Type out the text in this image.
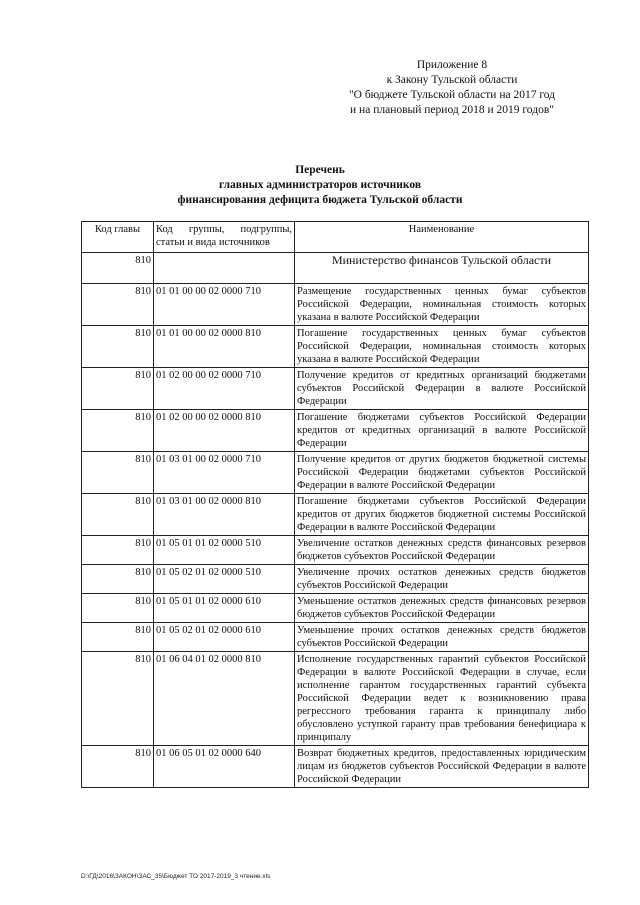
Приложение 8
к Закону Тульской области
"О бюджете Тульской области на 2017 год
и на плановый период 2018 и 2019 годов"
Перечень
главных администраторов источников
финансирования дефицита бюджета Тульской области
Код главы	Код группы, подгруппы, статьи и вида источников	Наименование
810		Министерство финансов Тульской области
810	01 01 00 00 02 0000 710	Размещение государственных ценных бумаг субъектов Российской Федерации, номинальная стоимость которых указана в валюте Российской Федерации
810	01 01 00 00 02 0000 810	Погашение государственных ценных бумаг субъектов Российской Федерации, номинальная стоимость которых указана в валюте Российской Федерации
810	01 02 00 00 02 0000 710	Получение кредитов от кредитных организаций бюджетами субъектов Российской Федерации в валюте Российской Федерации
810	01 02 00 00 02 0000 810	Погашение бюджетами субъектов Российской Федерации кредитов от кредитных организаций в валюте Российской Федерации
810	01 03 01 00 02 0000 710	Получение кредитов от других бюджетов бюджетной системы Российской Федерации бюджетами субъектов Российской Федерации в валюте Российской Федерации
810	01 03 01 00 02 0000 810	Погашение бюджетами субъектов Российской Федерации кредитов от других бюджетов бюджетной системы Российской Федерации в валюте Российской Федерации
810	01 05 01 01 02 0000 510	Увеличение остатков денежных средств финансовых резервов бюджетов субъектов Российской Федерации
810	01 05 02 01 02 0000 510	Увеличение прочих остатков денежных средств бюджетов субъектов Российской Федерации
810	01 05 01 01 02 0000 610	Уменьшение остатков денежных средств финансовых резервов бюджетов субъектов Российской Федерации
810	01 05 02 01 02 0000 610	Уменьшение прочих остатков денежных средств бюджетов субъектов Российской Федерации
810	01 06 04 01 02 0000 810	Исполнение государственных гарантий субъектов Российской Федерации в валюте Российской Федерации в случае, если исполнение гарантом государственных гарантий субъекта Российской Федерации ведет к возникновению права регрессного требования гаранта к принципалу либо обусловлено уступкой гаранту прав требования бенефициара к принципалу
810	01 06 05 01 02 0000 640	Возврат бюджетных кредитов, предоставленных юридическим лицам из бюджетов субъектов Российской Федерации в валюте Российской Федерации
D:\ГД\2016\ЗАКОН\ЗАС_35\Бюджет ТО 2017-2019_3 чтение.xls
